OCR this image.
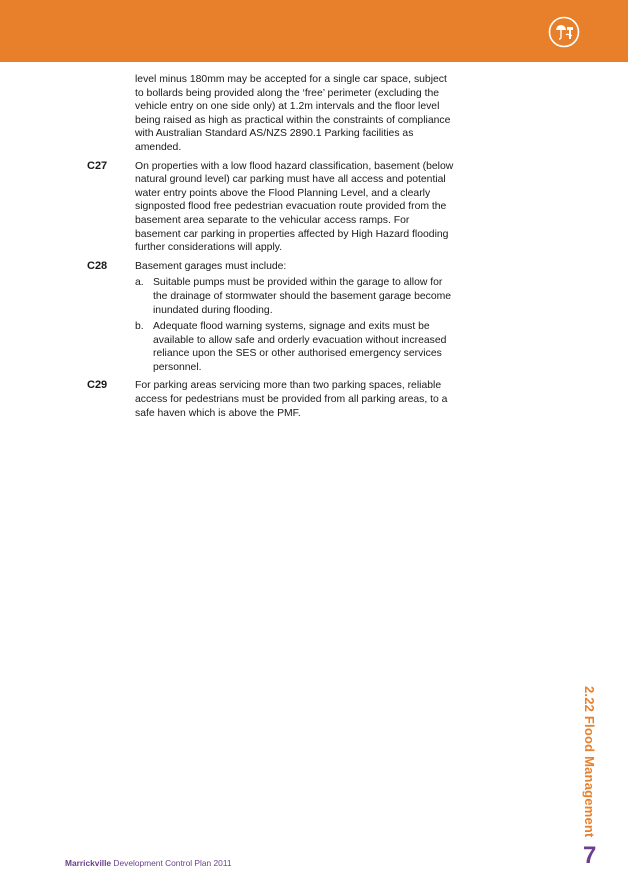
level minus 180mm may be accepted for a single car space, subject to bollards being provided along the ‘free’ perimeter (excluding the vehicle entry on one side only) at 1.2m intervals and the floor level being raised as high as practical within the constraints of compliance with Australian Standard AS/NZS 2890.1 Parking facilities as amended.

C27	On properties with a low flood hazard classification, basement (below natural ground level) car parking must have all access and potential water entry points above the Flood Planning Level, and a clearly signposted flood free pedestrian evacuation route provided from the basement area separate to the vehicular access ramps. For basement car parking in properties affected by High Hazard flooding further considerations will apply.
C28	Basement garages must include:
a. Suitable pumps must be provided within the garage to allow for the drainage of stormwater should the basement garage become inundated during flooding.
b. Adequate flood warning systems, signage and exits must be available to allow safe and orderly evacuation without increased reliance upon the SES or other authorised emergency services personnel.
C29	For parking areas servicing more than two parking spaces, reliable access for pedestrians must be provided from all parking areas, to a safe haven which is above the PMF.
2.22 Flood Management
Marrickville Development Control Plan 2011	7
